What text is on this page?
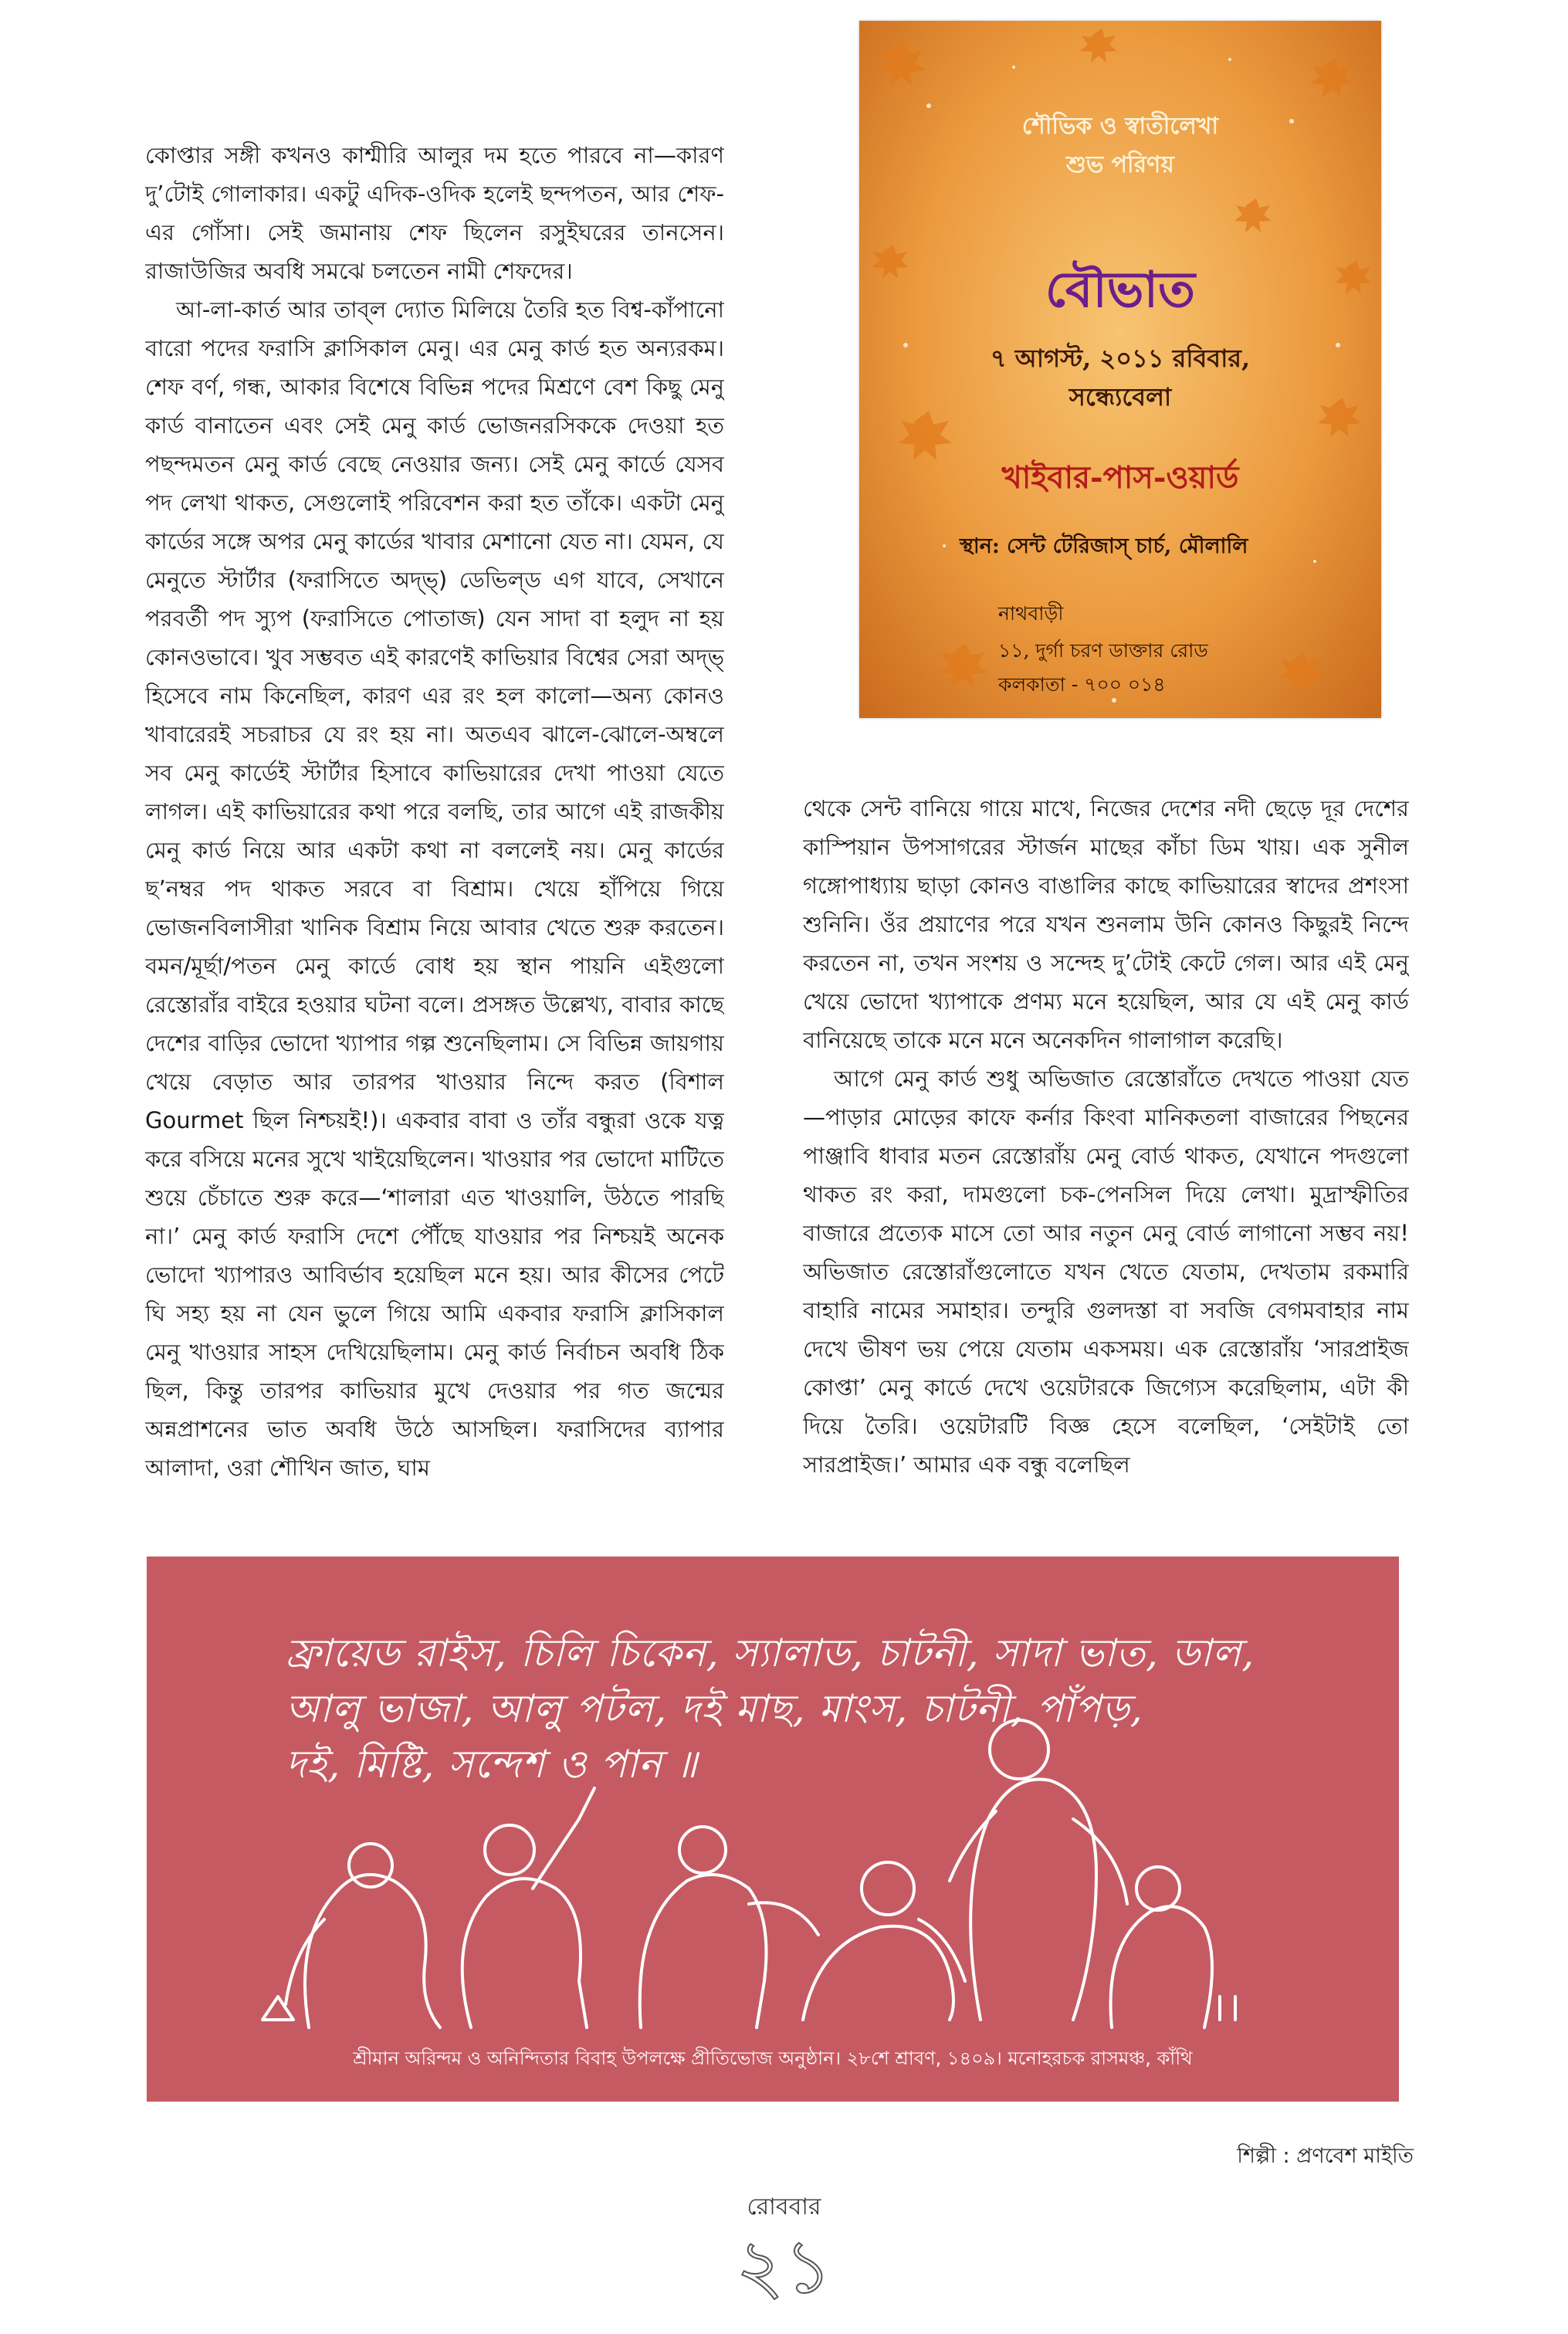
কোপ্তার সঙ্গী কখনও কাশ্মীরি আলুর দম হতে পারবে না—কারণ দু’টোই গোলাকার। একটু এদিক-ওদিক হলেই ছন্দপতন, আর শেফ-এর গোঁসা। সেই জমানায় শেফ ছিলেন রসুইঘরের তানসেন। রাজাউজির অবধি সমঝে চলতেন নামী শেফদের।

আ-লা-কার্ত আর তাব্‌ল দ্যোত মিলিয়ে তৈরি হত বিশ্ব-কাঁপানো বারো পদের ফরাসি ক্লাসিকাল মেনু। এর মেনু কার্ড হত অন্যরকম। শেফ বর্ণ, গন্ধ, আকার বিশেষে বিভিন্ন পদের মিশ্রণে বেশ কিছু মেনু কার্ড বানাতেন এবং সেই মেনু কার্ড ভোজনরসিককে দেওয়া হত পছন্দমতন মেনু কার্ড বেছে নেওয়ার জন্য। সেই মেনু কার্ডে যেসব পদ লেখা থাকত, সেগুলোই পরিবেশন করা হত তাঁকে। একটা মেনু কার্ডের সঙ্গে অপর মেনু কার্ডের খাবার মেশানো যেত না। যেমন, যে মেনুতে স্টার্টার (ফরাসিতে অদ্‌ভ্‌) ডেভিল্‌ড এগ যাবে, সেখানে পরবর্তী পদ স্যুপ (ফরাসিতে পোতাজ) যেন সাদা বা হলুদ না হয় কোনওভাবে। খুব সম্ভবত এই কারণেই কাভিয়ার বিশ্বের সেরা অদ্‌ভ্‌ হিসেবে নাম কিনেছিল, কারণ এর রং হল কালো—অন্য কোনও খাবারেরই সচরাচর যে রং হয় না। অতএব ঝালে-ঝোলে-অম্বলে সব মেনু কার্ডেই স্টার্টার হিসাবে কাভিয়ারের দেখা পাওয়া যেতে লাগল। এই কাভিয়ারের কথা পরে বলছি, তার আগে এই রাজকীয় মেনু কার্ড নিয়ে আর একটা কথা না বললেই নয়। মেনু কার্ডের ছ’নম্বর পদ থাকত সরবে বা বিশ্রাম। খেয়ে হাঁপিয়ে গিয়ে ভোজনবিলাসীরা খানিক বিশ্রাম নিয়ে আবার খেতে শুরু করতেন। বমন/মূর্ছা/পতন মেনু কার্ডে বোধ হয় স্থান পায়নি এইগুলো রেস্তোরাঁর বাইরে হওয়ার ঘটনা বলে। প্রসঙ্গত উল্লেখ্য, বাবার কাছে দেশের বাড়ির ভোদো খ্যাপার গল্প শুনেছিলাম। সে বিভিন্ন জায়গায় খেয়ে বেড়াত আর তারপর খাওয়ার নিন্দে করত (বিশাল Gourmet ছিল নিশ্চয়ই!)। একবার বাবা ও তাঁর বন্ধুরা ওকে যত্ন করে বসিয়ে মনের সুখে খাইয়েছিলেন। খাওয়ার পর ভোদো মাটিতে শুয়ে চেঁচাতে শুরু করে—‘শালারা এত খাওয়ালি, উঠতে পারছি না।’ মেনু কার্ড ফরাসি দেশে পৌঁছে যাওয়ার পর নিশ্চয়ই অনেক ভোদো খ্যাপারও আবির্ভাব হয়েছিল মনে হয়। আর কীসের পেটে ঘি সহ্য হয় না যেন ভুলে গিয়ে আমি একবার ফরাসি ক্লাসিকাল মেনু খাওয়ার সাহস দেখিয়েছিলাম। মেনু কার্ড নির্বাচন অবধি ঠিক ছিল, কিন্তু তারপর কাভিয়ার মুখে দেওয়ার পর গত জন্মের অন্নপ্রাশনের ভাত অবধি উঠে আসছিল। ফরাসিদের ব্যাপার আলাদা, ওরা শৌখিন জাত, ঘাম

শৌভিক ও স্বাতীলেখা
শুভ পরিণয়
বৌভাত
৭ আগস্ট, ২০১১ রবিবার,
সন্ধ্যেবেলা
খাইবার-পাস-ওয়ার্ড
স্থান: সেন্ট টেরিজাস্‌ চার্চ, মৌলালি
নাথবাড়ী
১১, দুর্গা চরণ ডাক্তার রোড
কলকাতা - ৭০০ ০১৪

থেকে সেন্ট বানিয়ে গায়ে মাখে, নিজের দেশের নদী ছেড়ে দূর দেশের কাস্পিয়ান উপসাগরের স্টার্জন মাছের কাঁচা ডিম খায়। এক সুনীল গঙ্গোপাধ্যায় ছাড়া কোনও বাঙালির কাছে কাভিয়ারের স্বাদের প্রশংসা শুনিনি। ওঁর প্রয়াণের পরে যখন শুনলাম উনি কোনও কিছুরই নিন্দে করতেন না, তখন সংশয় ও সন্দেহ দু’টোই কেটে গেল। আর এই মেনু খেয়ে ভোদো খ্যাপাকে প্রণম্য মনে হয়েছিল, আর যে এই মেনু কার্ড বানিয়েছে তাকে মনে মনে অনেকদিন গালাগাল করেছি।

আগে মেনু কার্ড শুধু অভিজাত রেস্তোরাঁতে দেখতে পাওয়া যেত—পাড়ার মোড়ের কাফে কর্নার কিংবা মানিকতলা বাজারের পিছনের পাঞ্জাবি ধাবার মতন রেস্তোরাঁয় মেনু বোর্ড থাকত, যেখানে পদগুলো থাকত রং করা, দামগুলো চক-পেনসিল দিয়ে লেখা। মুদ্রাস্ফীতির বাজারে প্রত্যেক মাসে তো আর নতুন মেনু বোর্ড লাগানো সম্ভব নয়! অভিজাত রেস্তোরাঁগুলোতে যখন খেতে যেতাম, দেখতাম রকমারি বাহারি নামের সমাহার। তন্দুরি গুলদস্তা বা সবজি বেগমবাহার নাম দেখে ভীষণ ভয় পেয়ে যেতাম একসময়। এক রেস্তোরাঁয় ‘সারপ্রাইজ কোপ্তা’ মেনু কার্ডে দেখে ওয়েটারকে জিগ্যেস করেছিলাম, এটা কী দিয়ে তৈরি। ওয়েটারটি বিজ্ঞ হেসে বলেছিল, ‘সেইটাই তো সারপ্রাইজ।’ আমার এক বন্ধু বলেছিল

ফ্রায়েড রাইস, চিলি চিকেন, স্যালাড, চাটনী, সাদা ভাত, ডাল,
আলু ভাজা, আলু পটল, দই মাছ, মাংস, চাটনী, পাঁপড়,
দই, মিষ্টি, সন্দেশ ও পান ॥
শ্রীমান অরিন্দম ও অনিন্দিতার বিবাহ উপলক্ষে প্রীতিভোজ অনুষ্ঠান। ২৮শে শ্রাবণ, ১৪০৯। মনোহরচক রাসমঞ্চ, কাঁথি
শিল্পী : প্রণবেশ মাইতি
রোববার
২১
